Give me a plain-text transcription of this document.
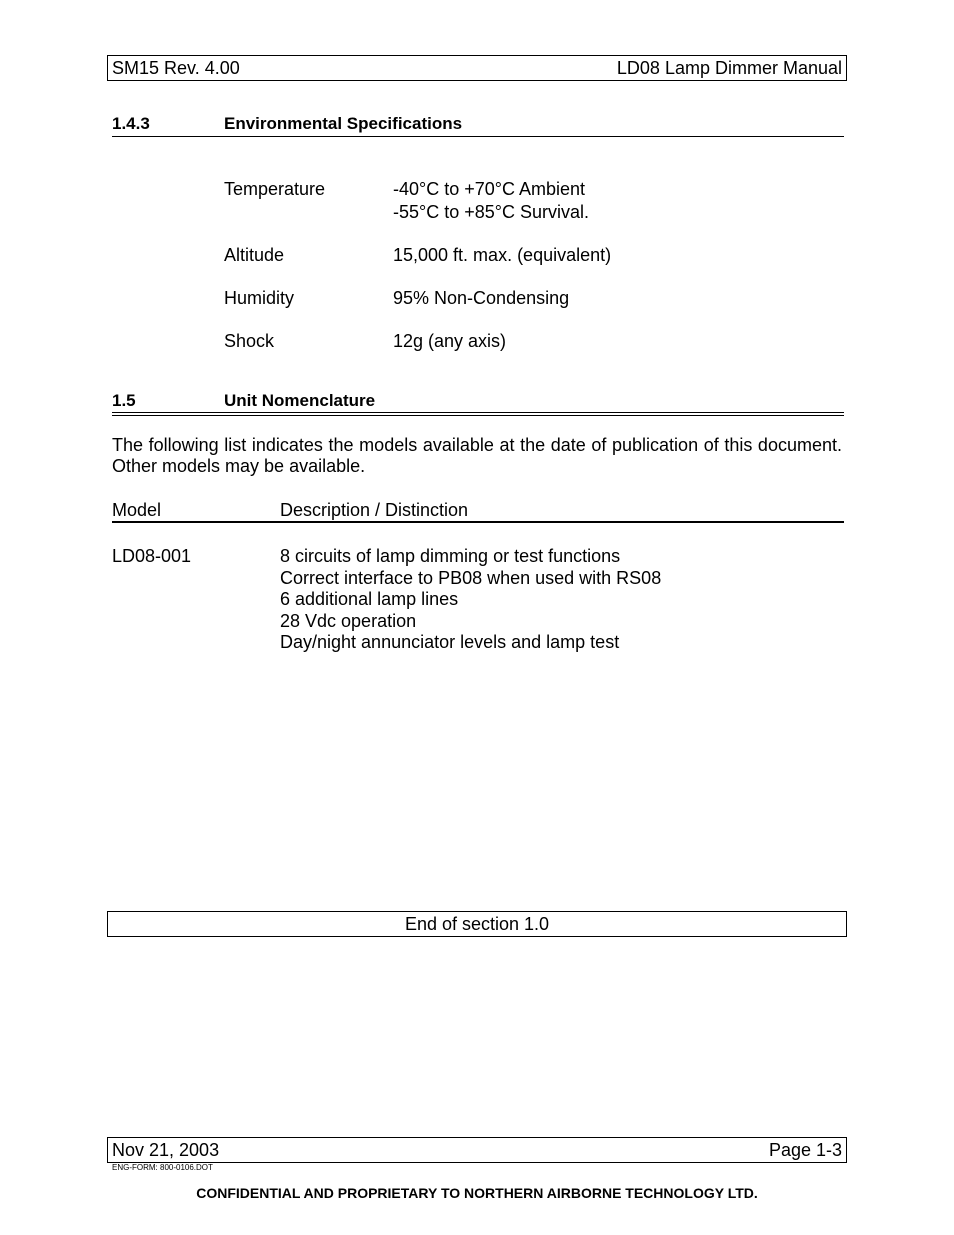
SM15 Rev. 4.00	LD08 Lamp Dimmer Manual
1.4.3	Environmental Specifications
Temperature	-40°C to +70°C Ambient
-55°C to +85°C Survival.
Altitude	15,000 ft. max. (equivalent)
Humidity	95% Non-Condensing
Shock	12g (any axis)
1.5	Unit Nomenclature
The following list indicates the models available at the date of publication of this document. Other models may be available.
Model	Description / Distinction
LD08-001	8 circuits of lamp dimming or test functions
Correct interface to PB08 when used with RS08
6 additional lamp lines
28 Vdc operation
Day/night annunciator levels and lamp test
End of section 1.0
Nov 21, 2003	Page 1-3
ENG-FORM: 800-0106.DOT
CONFIDENTIAL AND PROPRIETARY TO NORTHERN AIRBORNE TECHNOLOGY LTD.
